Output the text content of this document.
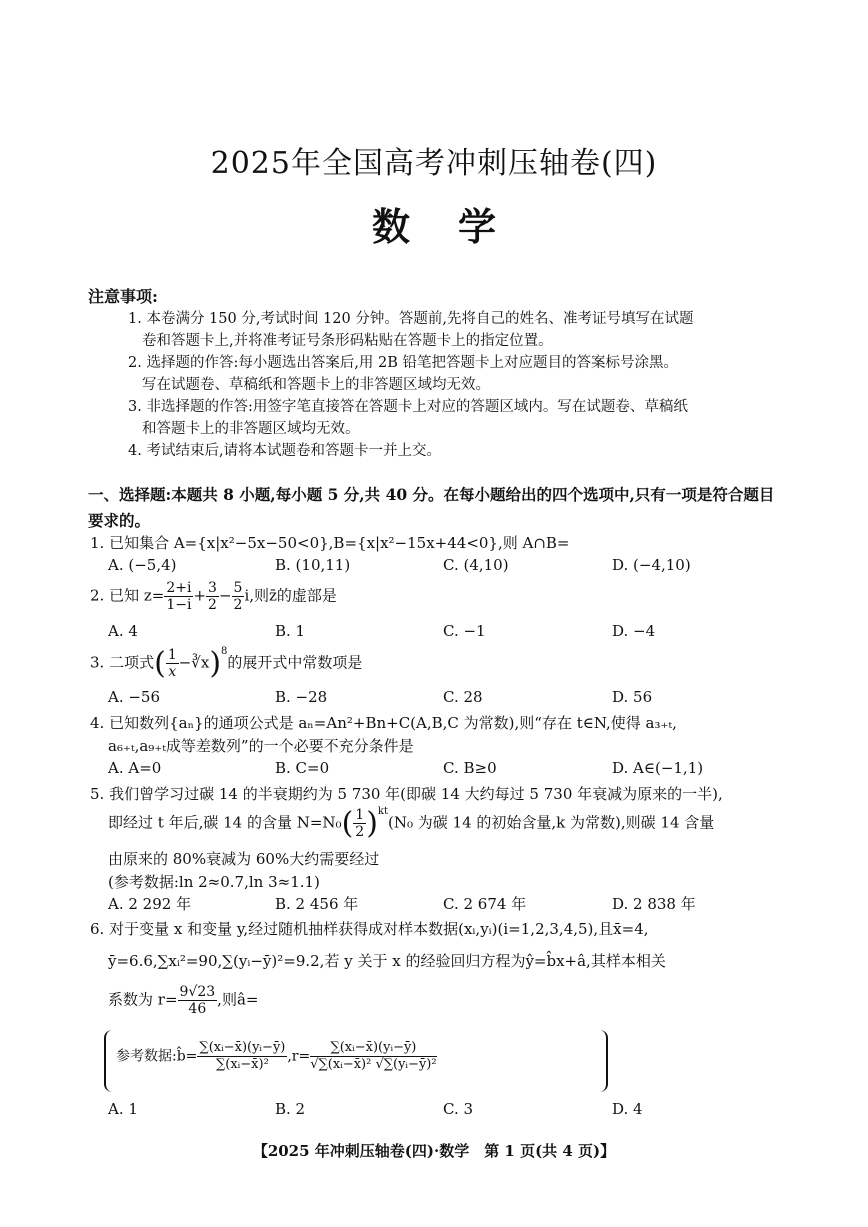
2025年全国高考冲刺压轴卷(四)
数学
注意事项:
1. 本卷满分 150 分,考试时间 120 分钟。答题前,先将自己的姓名、准考证号填写在试题
卷和答题卡上,并将准考证号条形码粘贴在答题卡上的指定位置。
2. 选择题的作答:每小题选出答案后,用 2B 铅笔把答题卡上对应题目的答案标号涂黑。
写在试题卷、草稿纸和答题卡上的非答题区域均无效。
3. 非选择题的作答:用签字笔直接答在答题卡上对应的答题区域内。写在试题卷、草稿纸
和答题卡上的非答题区域均无效。
4. 考试结束后,请将本试题卷和答题卡一并上交。
一、选择题:本题共 8 小题,每小题 5 分,共 40 分。在每小题给出的四个选项中,只有一项是符合题目要求的。
1. 已知集合 A={x|x²−5x−50<0},B={x|x²−15x+44<0},则 A∩B=
A. (−5,4)	B. (10,11)	C. (4,10)	D. (−4,10)
2. 已知 $z= \frac{2+i}{1-i} + \frac{3}{2} - \frac{5}{2} i$,则z̄的虚部是
A. 4	B. 1	C. −1	D. −4
3. 二项式( $\frac{1}{x}$ −∛x)$^8$的展开式中常数项是
A. −56	B. −28	C. 28	D. 56
4. 已知数列{aₙ}的通项公式是 aₙ=An²+Bn+C(A,B,C 为常数),则“存在 t∈N,使得 a₃₊ₜ,
a₆₊ₜ,a₉₊ₜ成等差数列”的一个必要不充分条件是
A. A=0	B. C=0	C. B≥0	D. A∈(−1,1)
5. 我们曾学习过碳 14 的半衰期约为 5 730 年(即碳 14 大约每过 5 730 年衰减为原来的一半),
即经过 t 年后,碳 14 的含量 $N=N_0( \frac{1}{2} )^{kt}(N_0$ 为碳 14 的初始含量,k 为常数),则碳 14 含量
由原来的 80%衰减为 60%大约需要经过
(参考数据:ln 2≈0.7,ln 3≈1.1)
A. 2 292 年	B. 2 456 年	C. 2 674 年	D. 2 838 年
6. 对于变量 x 和变量 y,经过随机抽样获得成对样本数据(xᵢ,yᵢ)(i=1,2,3,4,5),且x̄=4,
ȳ=6.6,∑xᵢ²=90,∑(yᵢ−ȳ)²=9.2,若 y 关于 x 的经验回归方程为ŷ=b̂x+â,其样本相关
系数为 $r= \frac{9√23}{46}$ ,则â=
参考数据:b̂= $\frac{\text{∑(xᵢ−x̄)(yᵢ−ȳ)}}{\text{∑(xᵢ−x̄)²}} ,r= \frac{\text{∑(xᵢ−x̄)(yᵢ−ȳ)}}{\text{√∑(xᵢ−x̄)² √∑(yᵢ−ȳ)²}}$
A. 1	B. 2	C. 3	D. 4
【2025 年冲刺压轴卷(四)·数学　第 1 页(共 4 页)】
